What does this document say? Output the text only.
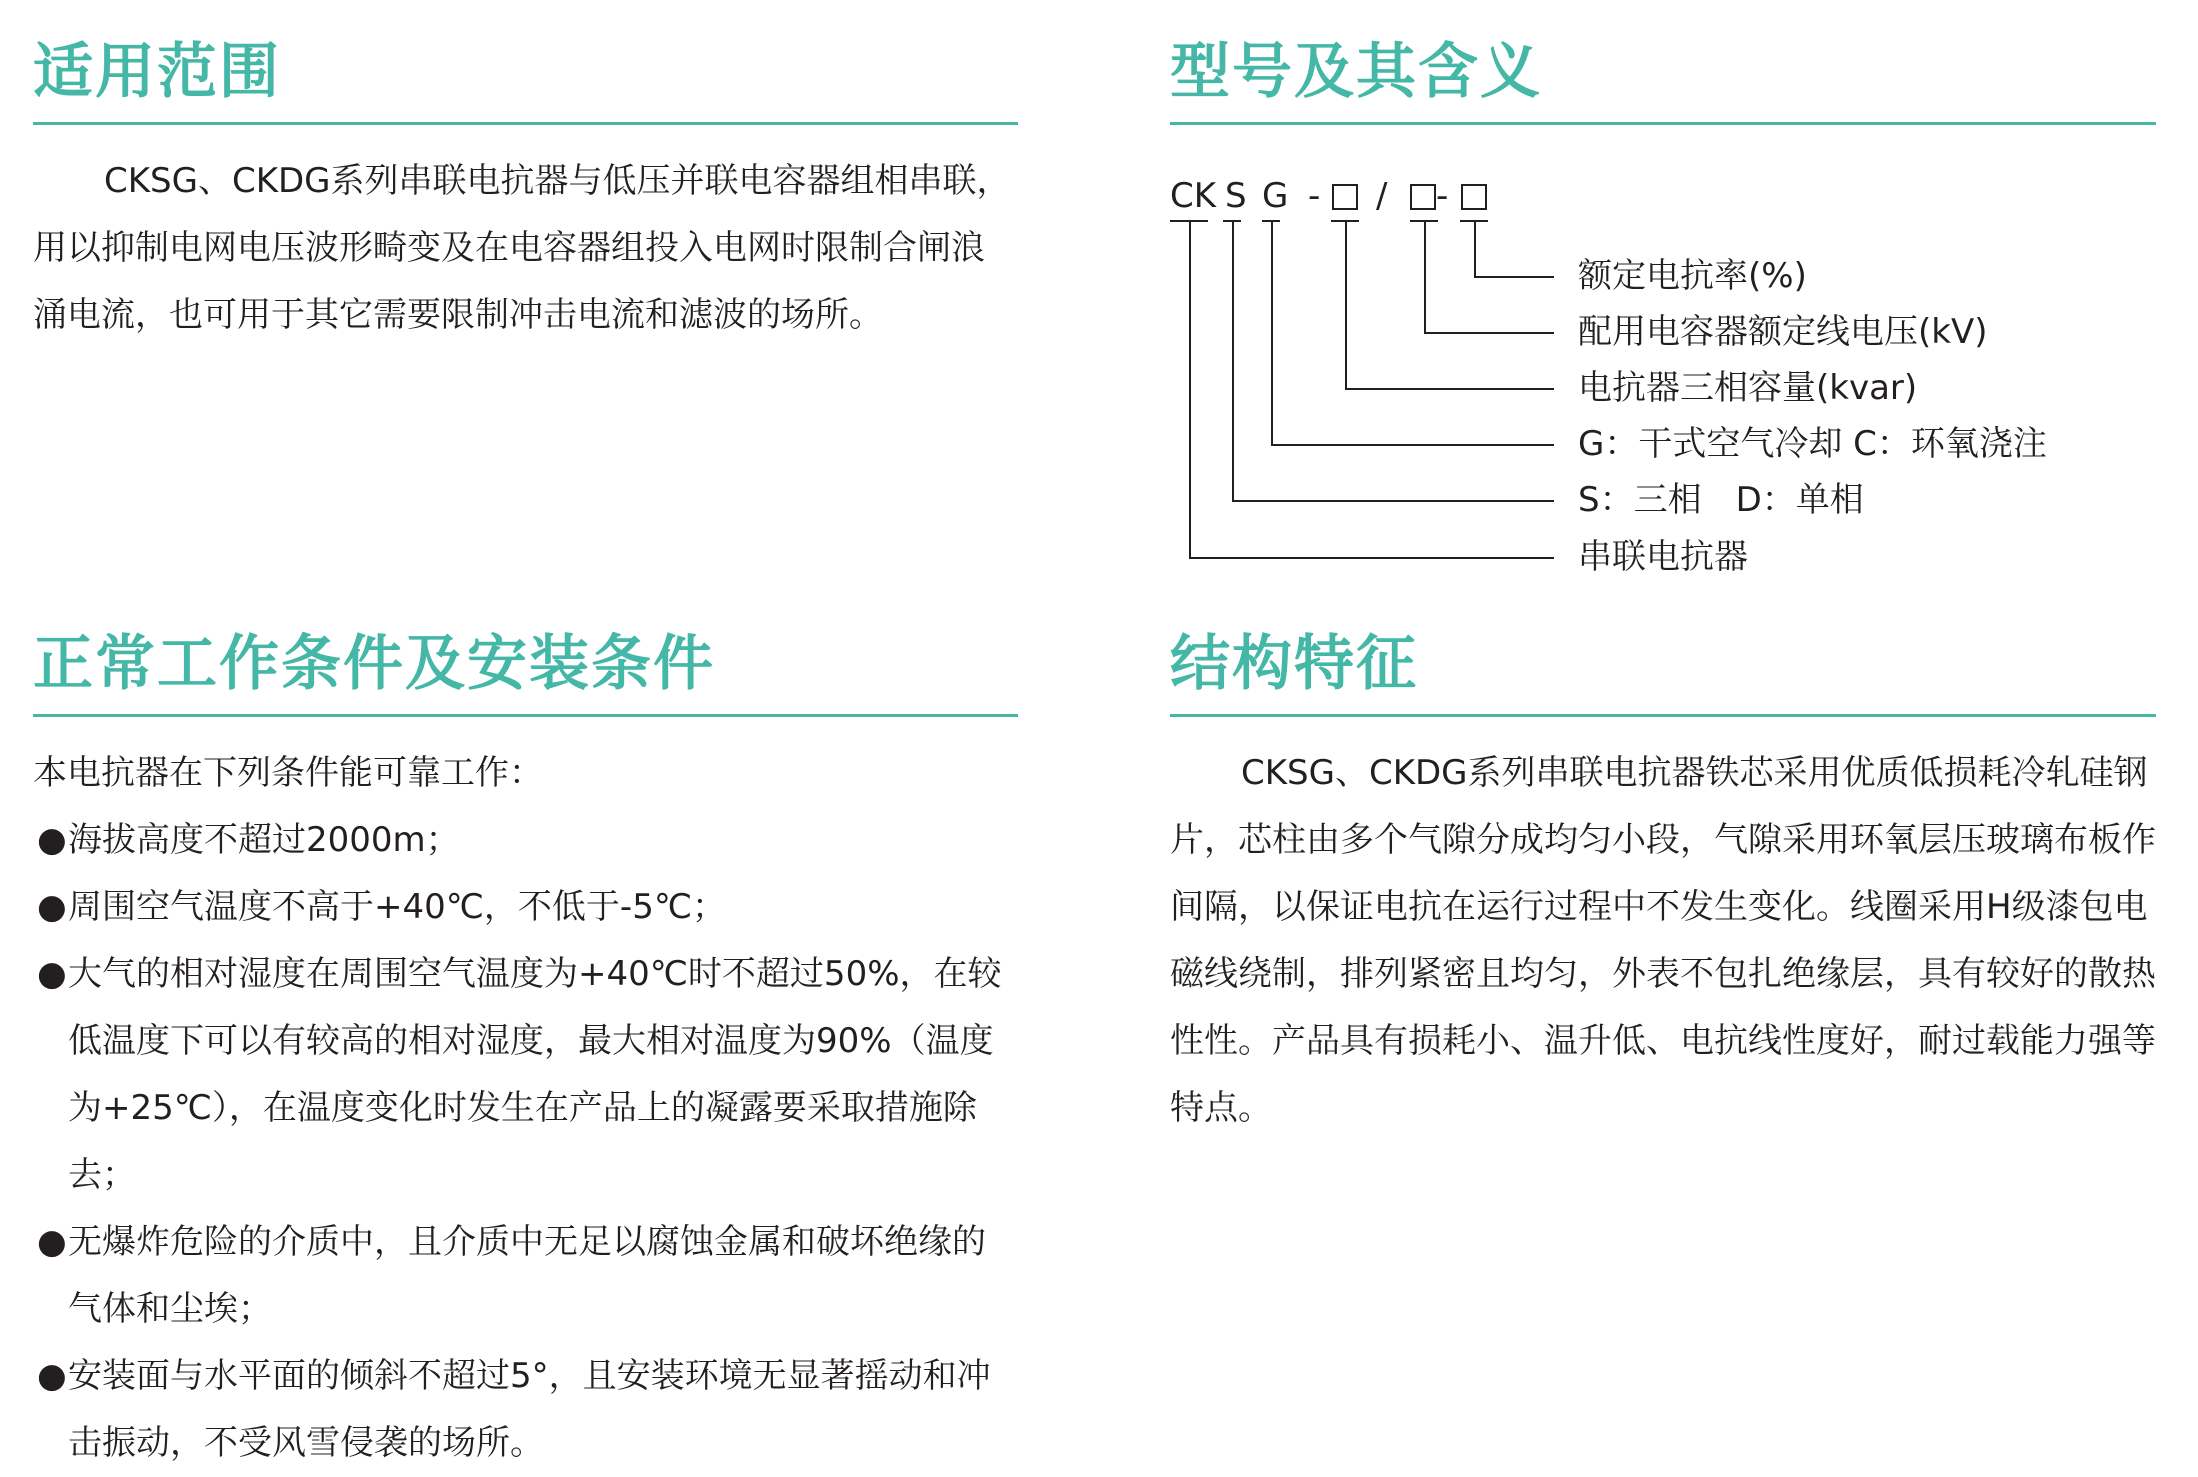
适用范围

CKSG、CKDG系列串联电抗器与低压并联电容器组相串联，用以抑制电网电压波形畸变及在电容器组投入电网时限制合闸浪涌电流，也可用于其它需要限制冲击电流和滤波的场所。

型号及其含义
CK S G - / -
额定电抗率(%)
配用电容器额定线电压(kV)
电抗器三相容量(kvar)
G：干式空气冷却 C：环氧浇注
S：三相　D：单相
串联电抗器
正常工作条件及安装条件
本电抗器在下列条件能可靠工作：
● 海拔高度不超过2000m；
● 周围空气温度不高于+40℃，不低于-5℃；
● 大气的相对湿度在周围空气温度为+40℃时不超过50%，在较低温度下可以有较高的相对湿度，最大相对温度为90%（温度为+25℃），在温度变化时发生在产品上的凝露要采取措施除去；
● 无爆炸危险的介质中，且介质中无足以腐蚀金属和破坏绝缘的气体和尘埃；
● 安装面与水平面的倾斜不超过5°，且安装环境无显著摇动和冲击振动，不受风雪侵袭的场所。
结构特征

CKSG、CKDG系列串联电抗器铁芯采用优质低损耗冷轧硅钢片，芯柱由多个气隙分成均匀小段，气隙采用环氧层压玻璃布板作间隔，以保证电抗在运行过程中不发生变化。线圈采用H级漆包电磁线绕制，排列紧密且均匀，外表不包扎绝缘层，具有较好的散热性性。产品具有损耗小、温升低、电抗线性度好，耐过载能力强等特点。
